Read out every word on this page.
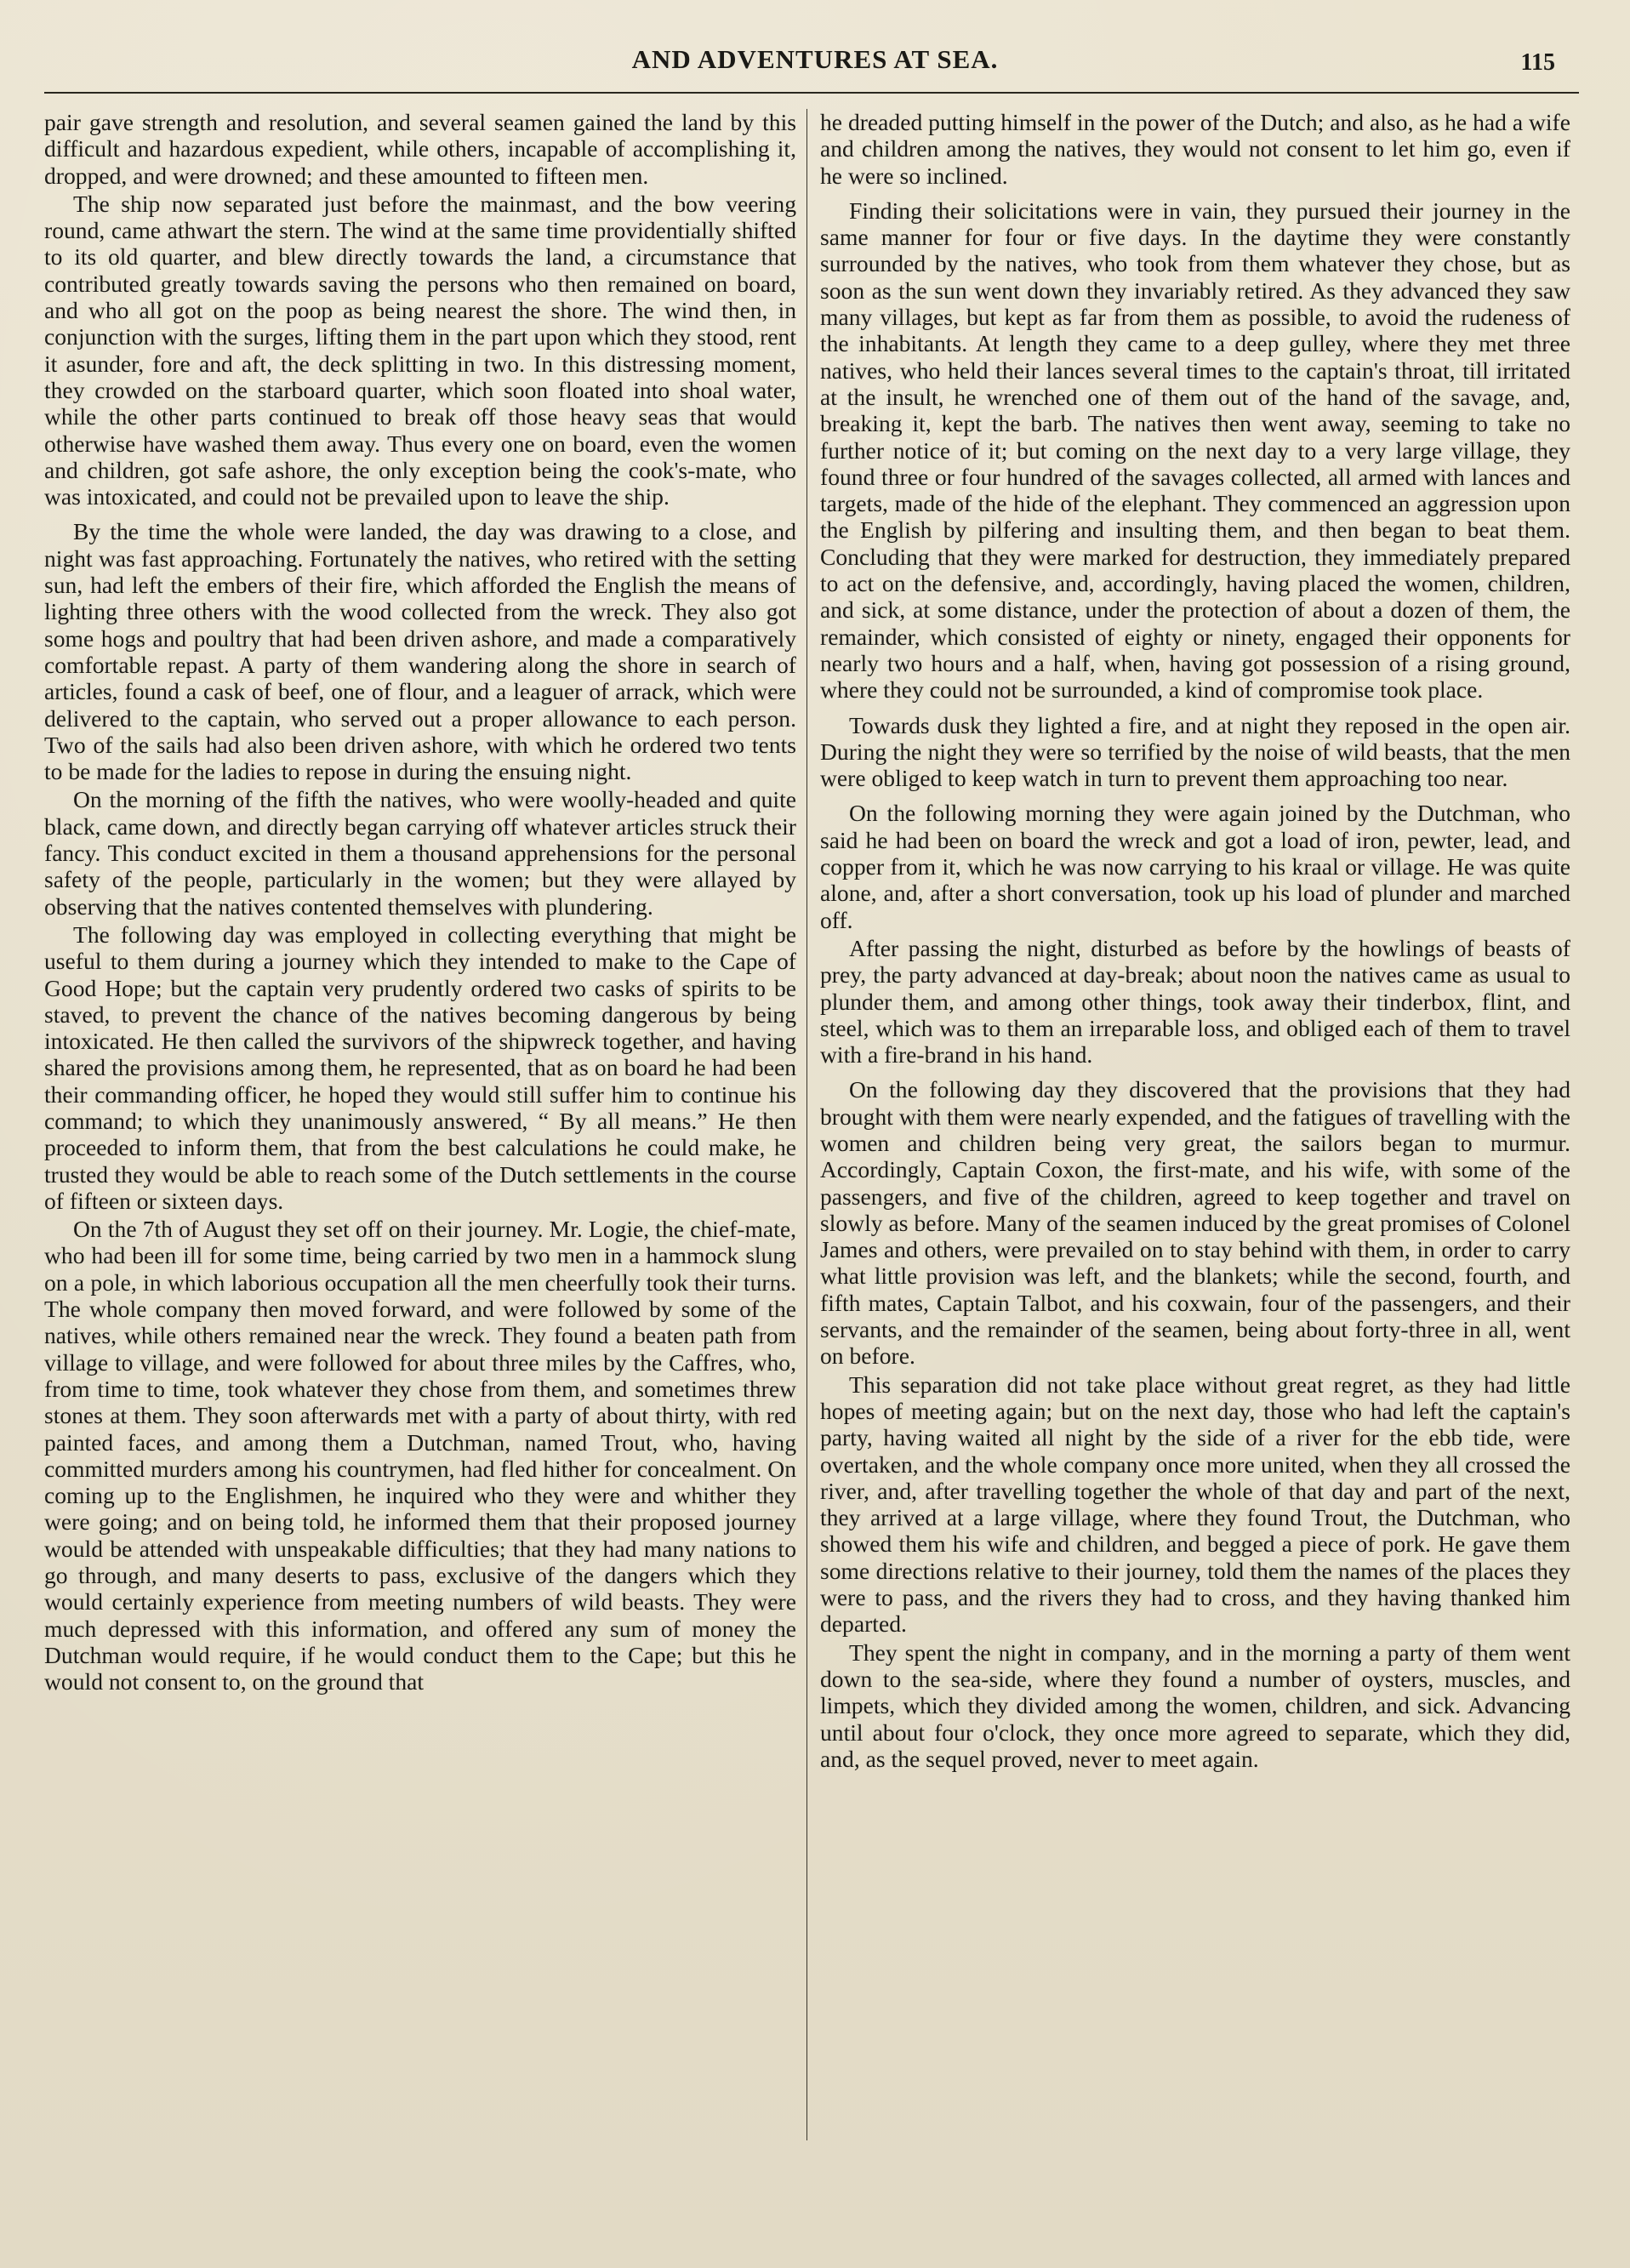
AND ADVENTURES AT SEA.	115

pair gave strength and resolution, and several seamen gained the land by this difficult and hazardous expedient, while others, incapable of accomplishing it, dropped, and were drowned; and these amounted to fifteen men.

The ship now separated just before the mainmast, and the bow veering round, came athwart the stern. The wind at the same time providentially shifted to its old quarter, and blew directly towards the land, a circumstance that contributed greatly towards saving the persons who then remained on board, and who all got on the poop as being nearest the shore. The wind then, in conjunction with the surges, lifting them in the part upon which they stood, rent it asunder, fore and aft, the deck splitting in two. In this distressing moment, they crowded on the starboard quarter, which soon floated into shoal water, while the other parts continued to break off those heavy seas that would otherwise have washed them away. Thus every one on board, even the women and children, got safe ashore, the only exception being the cook's-mate, who was intoxicated, and could not be prevailed upon to leave the ship.

By the time the whole were landed, the day was drawing to a close, and night was fast approaching. Fortunately the natives, who retired with the setting sun, had left the embers of their fire, which afforded the English the means of lighting three others with the wood collected from the wreck. They also got some hogs and poultry that had been driven ashore, and made a comparatively comfortable repast. A party of them wandering along the shore in search of articles, found a cask of beef, one of flour, and a leaguer of arrack, which were delivered to the captain, who served out a proper allowance to each person. Two of the sails had also been driven ashore, with which he ordered two tents to be made for the ladies to repose in during the ensuing night.

On the morning of the fifth the natives, who were woolly-headed and quite black, came down, and directly began carrying off whatever articles struck their fancy. This conduct excited in them a thousand apprehensions for the personal safety of the people, particularly in the women; but they were allayed by observing that the natives contented themselves with plundering.

The following day was employed in collecting everything that might be useful to them during a journey which they intended to make to the Cape of Good Hope; but the captain very prudently ordered two casks of spirits to be staved, to prevent the chance of the natives becoming dangerous by being intoxicated. He then called the survivors of the shipwreck together, and having shared the provisions among them, he represented, that as on board he had been their commanding officer, he hoped they would still suffer him to continue his command; to which they unanimously answered, “ By all means.” He then proceeded to inform them, that from the best calculations he could make, he trusted they would be able to reach some of the Dutch settlements in the course of fifteen or sixteen days.

On the 7th of August they set off on their journey. Mr. Logie, the chief-mate, who had been ill for some time, being carried by two men in a hammock slung on a pole, in which laborious occupation all the men cheerfully took their turns. The whole company then moved forward, and were followed by some of the natives, while others remained near the wreck. They found a beaten path from village to village, and were followed for about three miles by the Caffres, who, from time to time, took whatever they chose from them, and sometimes threw stones at them. They soon afterwards met with a party of about thirty, with red painted faces, and among them a Dutchman, named Trout, who, having committed murders among his countrymen, had fled hither for concealment. On coming up to the Englishmen, he inquired who they were and whither they were going; and on being told, he informed them that their proposed journey would be attended with unspeakable difficulties; that they had many nations to go through, and many deserts to pass, exclusive of the dangers which they would certainly experience from meeting numbers of wild beasts. They were much depressed with this information, and offered any sum of money the Dutchman would require, if he would conduct them to the Cape; but this he would not consent to, on the ground that

he dreaded putting himself in the power of the Dutch; and also, as he had a wife and children among the natives, they would not consent to let him go, even if he were so inclined.

Finding their solicitations were in vain, they pursued their journey in the same manner for four or five days. In the daytime they were constantly surrounded by the natives, who took from them whatever they chose, but as soon as the sun went down they invariably retired. As they advanced they saw many villages, but kept as far from them as possible, to avoid the rudeness of the inhabitants. At length they came to a deep gulley, where they met three natives, who held their lances several times to the captain's throat, till irritated at the insult, he wrenched one of them out of the hand of the savage, and, breaking it, kept the barb. The natives then went away, seeming to take no further notice of it; but coming on the next day to a very large village, they found three or four hundred of the savages collected, all armed with lances and targets, made of the hide of the elephant. They commenced an aggression upon the English by pilfering and insulting them, and then began to beat them. Concluding that they were marked for destruction, they immediately prepared to act on the defensive, and, accordingly, having placed the women, children, and sick, at some distance, under the protection of about a dozen of them, the remainder, which consisted of eighty or ninety, engaged their opponents for nearly two hours and a half, when, having got possession of a rising ground, where they could not be surrounded, a kind of compromise took place.

Towards dusk they lighted a fire, and at night they reposed in the open air. During the night they were so terrified by the noise of wild beasts, that the men were obliged to keep watch in turn to prevent them approaching too near.

On the following morning they were again joined by the Dutchman, who said he had been on board the wreck and got a load of iron, pewter, lead, and copper from it, which he was now carrying to his kraal or village. He was quite alone, and, after a short conversation, took up his load of plunder and marched off.

After passing the night, disturbed as before by the howlings of beasts of prey, the party advanced at day-break; about noon the natives came as usual to plunder them, and among other things, took away their tinderbox, flint, and steel, which was to them an irreparable loss, and obliged each of them to travel with a fire-brand in his hand.

On the following day they discovered that the provisions that they had brought with them were nearly expended, and the fatigues of travelling with the women and children being very great, the sailors began to murmur. Accordingly, Captain Coxon, the first-mate, and his wife, with some of the passengers, and five of the children, agreed to keep together and travel on slowly as before. Many of the seamen induced by the great promises of Colonel James and others, were prevailed on to stay behind with them, in order to carry what little provision was left, and the blankets; while the second, fourth, and fifth mates, Captain Talbot, and his coxwain, four of the passengers, and their servants, and the remainder of the seamen, being about forty-three in all, went on before.

This separation did not take place without great regret, as they had little hopes of meeting again; but on the next day, those who had left the captain's party, having waited all night by the side of a river for the ebb tide, were overtaken, and the whole company once more united, when they all crossed the river, and, after travelling together the whole of that day and part of the next, they arrived at a large village, where they found Trout, the Dutchman, who showed them his wife and children, and begged a piece of pork. He gave them some directions relative to their journey, told them the names of the places they were to pass, and the rivers they had to cross, and they having thanked him departed.

They spent the night in company, and in the morning a party of them went down to the sea-side, where they found a number of oysters, muscles, and limpets, which they divided among the women, children, and sick. Advancing until about four o'clock, they once more agreed to separate, which they did, and, as the sequel proved, never to meet again.
